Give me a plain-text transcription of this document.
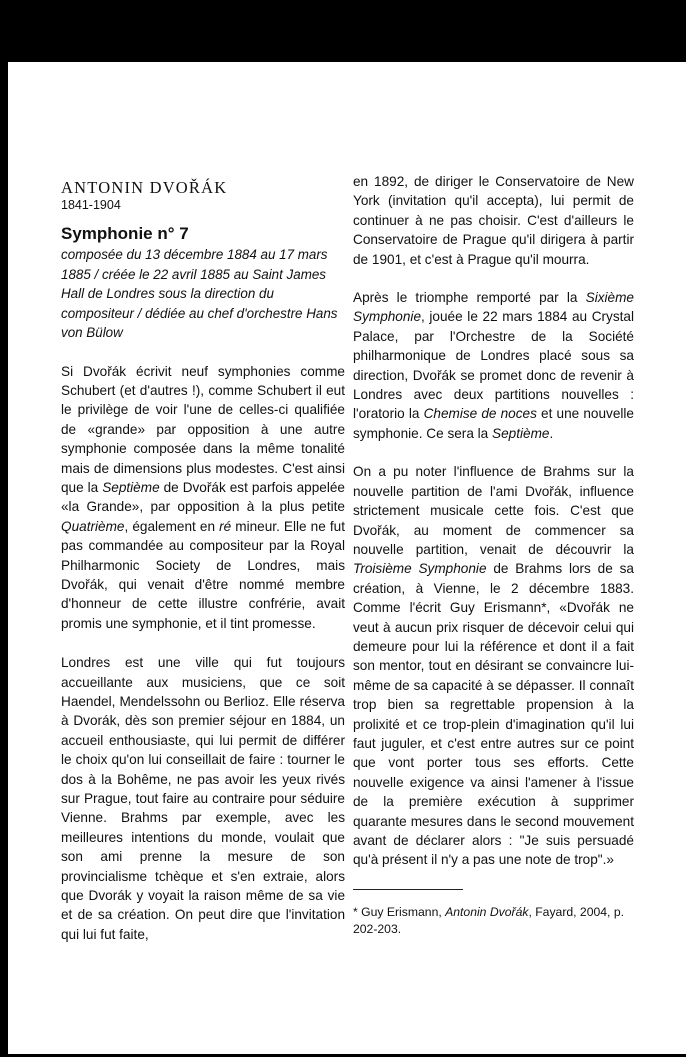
ANTONIN DVOŘÁK
1841-1904
Symphonie n° 7

composée du 13 décembre 1884 au 17 mars 1885 / créée le 22 avril 1885 au Saint James Hall de Londres sous la direction du compositeur / dédiée au chef d'orchestre Hans von Bülow

Si Dvořák écrivit neuf symphonies comme Schubert (et d'autres !), comme Schubert il eut le privilège de voir l'une de celles-ci qualifiée de «grande» par opposition à une autre symphonie composée dans la même tonalité mais de dimensions plus modestes. C'est ainsi que la Septième de Dvořák est parfois appelée «la Grande», par opposition à la plus petite Quatrième, également en ré mineur. Elle ne fut pas commandée au compositeur par la Royal Philharmonic Society de Londres, mais Dvořák, qui venait d'être nommé membre d'honneur de cette illustre confrérie, avait promis une symphonie, et il tint promesse.

Londres est une ville qui fut toujours accueillante aux musiciens, que ce soit Haendel, Mendelssohn ou Berlioz. Elle réserva à Dvorák, dès son premier séjour en 1884, un accueil enthousiaste, qui lui permit de différer le choix qu'on lui conseillait de faire : tourner le dos à la Bohême, ne pas avoir les yeux rivés sur Prague, tout faire au contraire pour séduire Vienne. Brahms par exemple, avec les meilleures intentions du monde, voulait que son ami prenne la mesure de son provincialisme tchèque et s'en extraie, alors que Dvorák y voyait la raison même de sa vie et de sa création. On peut dire que l'invitation qui lui fut faite,

en 1892, de diriger le Conservatoire de New York (invitation qu'il accepta), lui permit de continuer à ne pas choisir. C'est d'ailleurs le Conservatoire de Prague qu'il dirigera à partir de 1901, et c'est à Prague qu'il mourra.

Après le triomphe remporté par la Sixième Symphonie, jouée le 22 mars 1884 au Crystal Palace, par l'Orchestre de la Société philharmonique de Londres placé sous sa direction, Dvořák se promet donc de revenir à Londres avec deux partitions nouvelles : l'oratorio la Chemise de noces et une nouvelle symphonie. Ce sera la Septième.

On a pu noter l'influence de Brahms sur la nouvelle partition de l'ami Dvořák, influence strictement musicale cette fois. C'est que Dvořák, au moment de commencer sa nouvelle partition, venait de découvrir la Troisième Symphonie de Brahms lors de sa création, à Vienne, le 2 décembre 1883. Comme l'écrit Guy Erismann*, «Dvořák ne veut à aucun prix risquer de décevoir celui qui demeure pour lui la référence et dont il a fait son mentor, tout en désirant se convaincre lui-même de sa capacité à se dépasser. Il connaît trop bien sa regrettable propension à la prolixité et ce trop-plein d'imagination qu'il lui faut juguler, et c'est entre autres sur ce point que vont porter tous ses efforts. Cette nouvelle exigence va ainsi l'amener à l'issue de la première exécution à supprimer quarante mesures dans le second mouvement avant de déclarer alors : "Je suis persuadé qu'à présent il n'y a pas une note de trop".»

* Guy Erismann, Antonin Dvořák, Fayard, 2004, p. 202-203.
